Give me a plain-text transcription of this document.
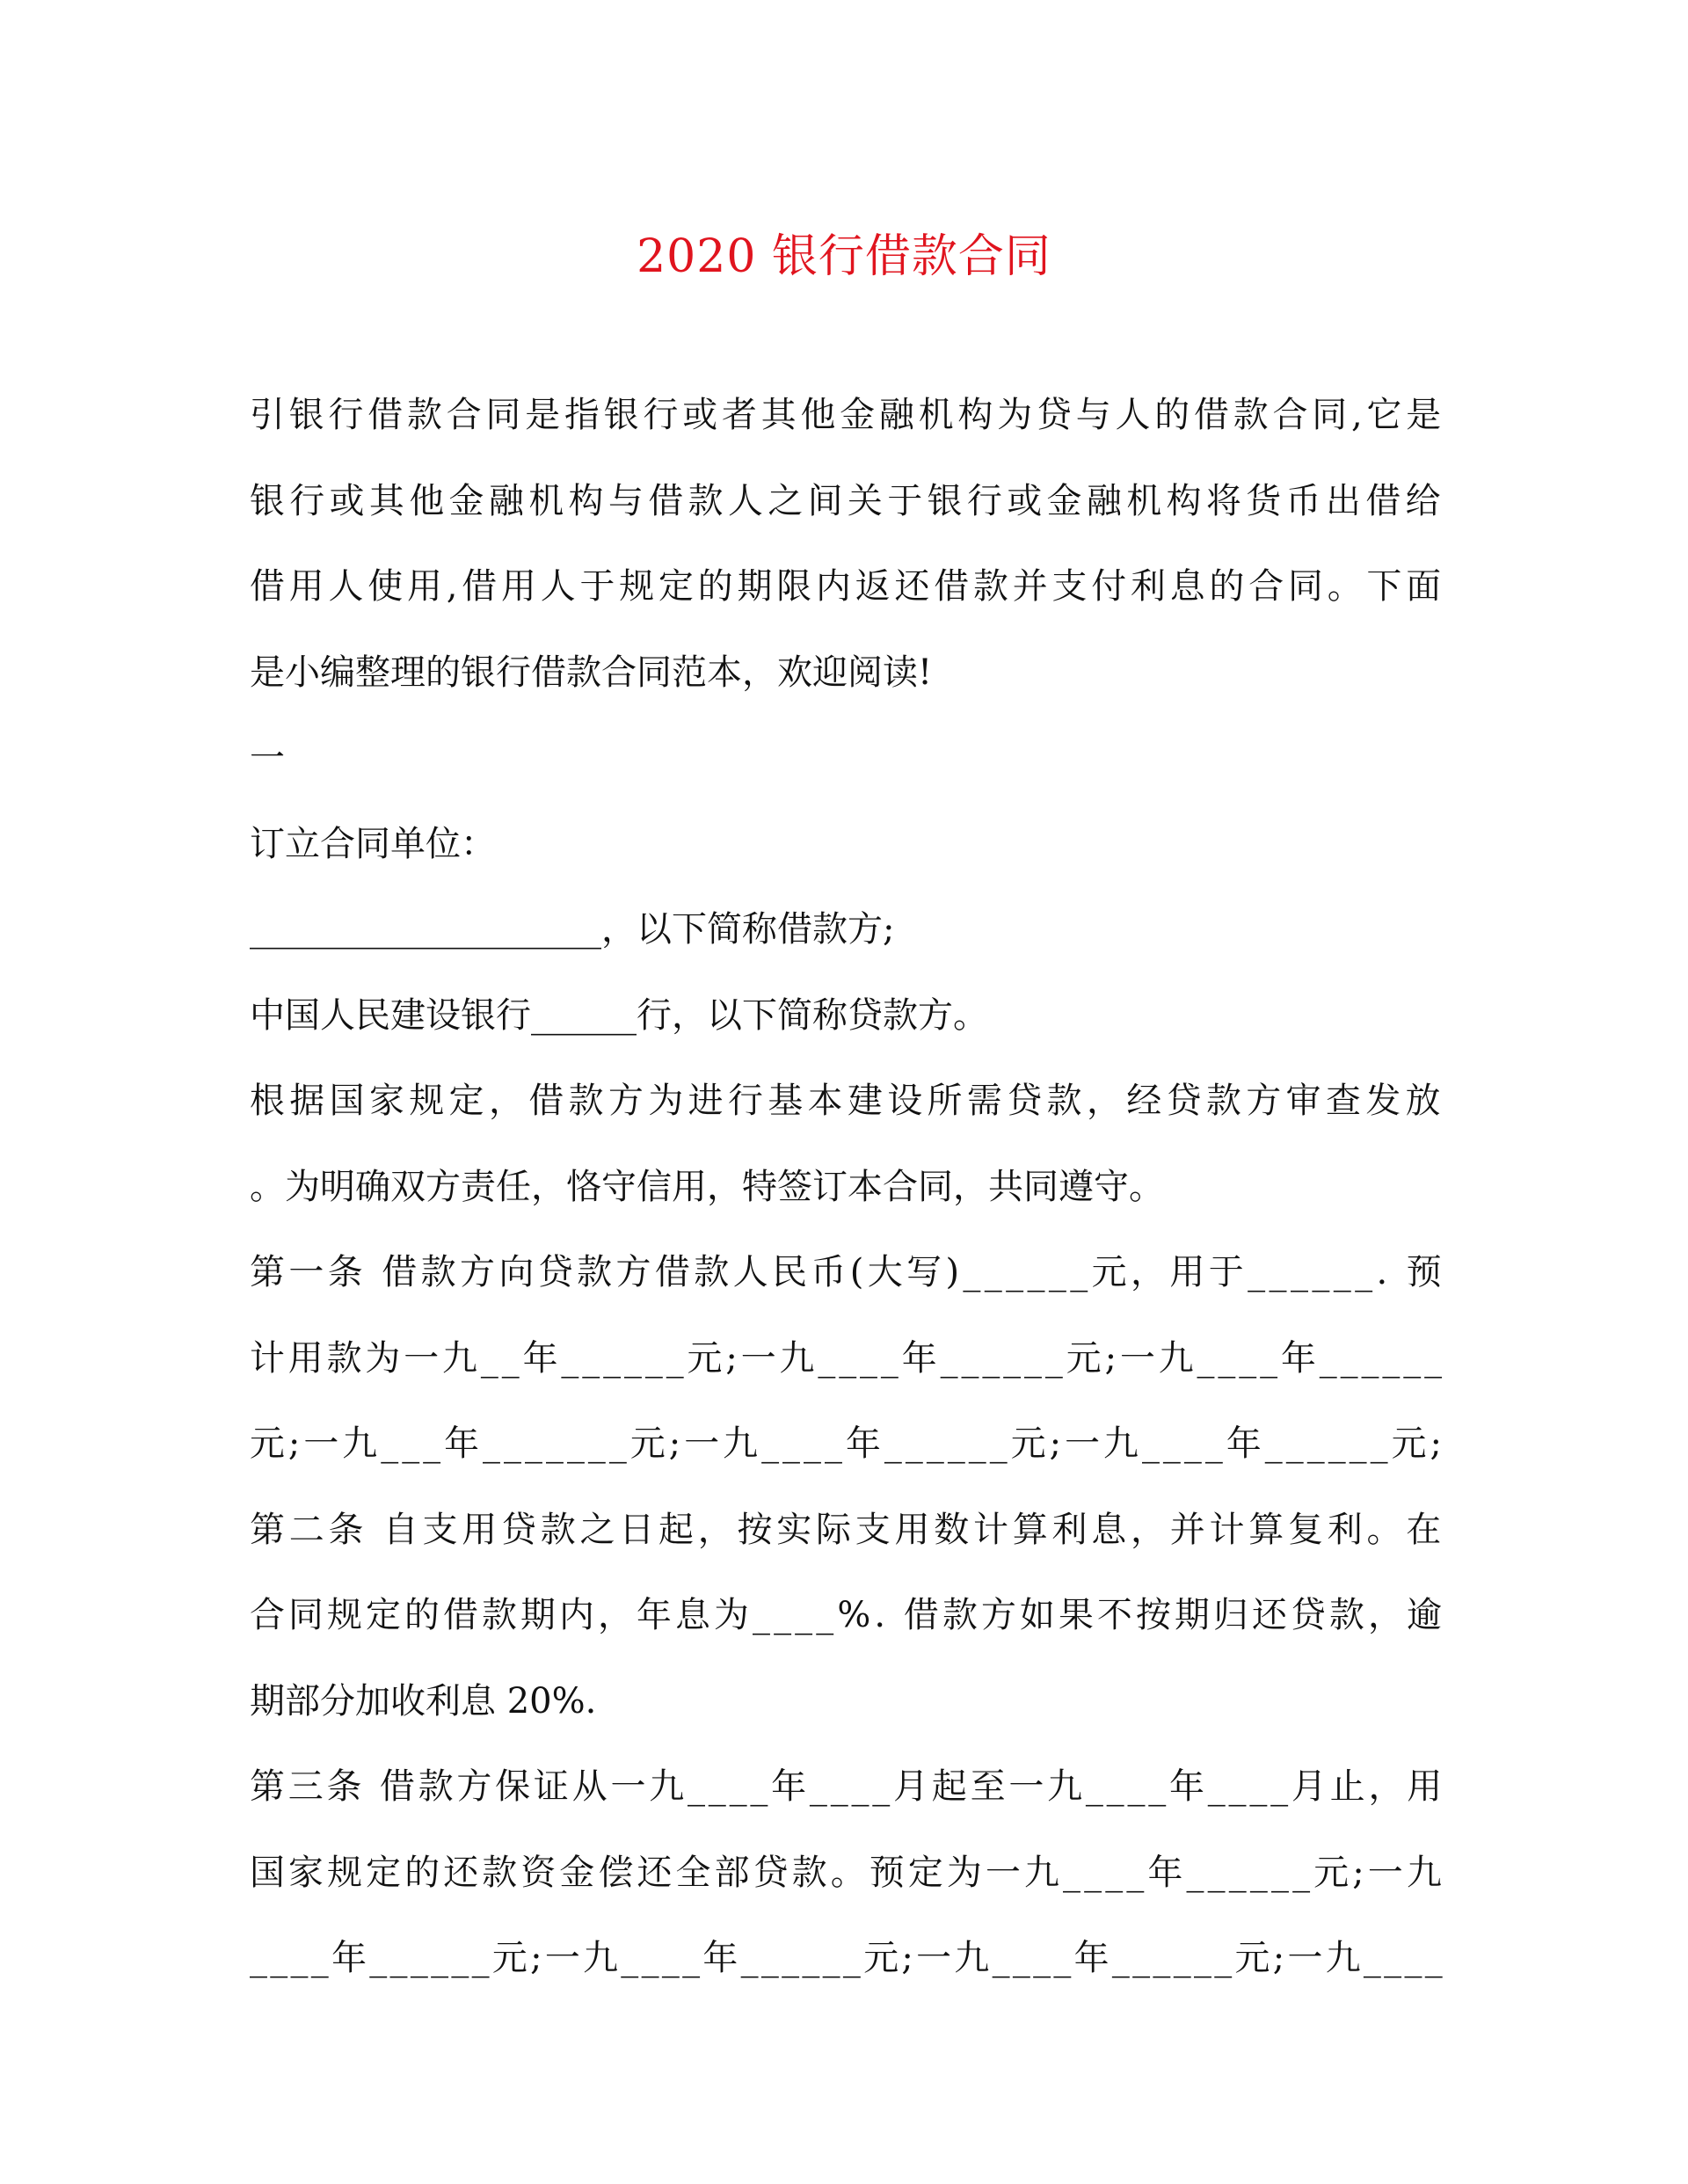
2020 银行借款合同
引银行借款合同是指银行或者其他金融机构为贷与人的借款合同,它是
银行或其他金融机构与借款人之间关于银行或金融机构将货币出借给
借用人使用,借用人于规定的期限内返还借款并支付利息的合同。下面
是小编整理的银行借款合同范本，欢迎阅读!
一
订立合同单位：
____________________，以下简称借款方;
中国人民建设银行______行，以下简称贷款方。
根据国家规定，借款方为进行基本建设所需贷款，经贷款方审查发放
。为明确双方责任，恪守信用，特签订本合同，共同遵守。
第一条 借款方向贷款方借款人民币(大写)______元，用于______. 预
计用款为一九__年______元;一九____年______元;一九____年______
元;一九___年_______元;一九____年______元;一九____年______元;
第二条 自支用贷款之日起，按实际支用数计算利息，并计算复利。在
合同规定的借款期内，年息为____%. 借款方如果不按期归还贷款，逾
期部分加收利息 20%.
第三条 借款方保证从一九____年____月起至一九____年____月止，用
国家规定的还款资金偿还全部贷款。预定为一九____年______元;一九
____年______元;一九____年______元;一九____年______元;一九____
